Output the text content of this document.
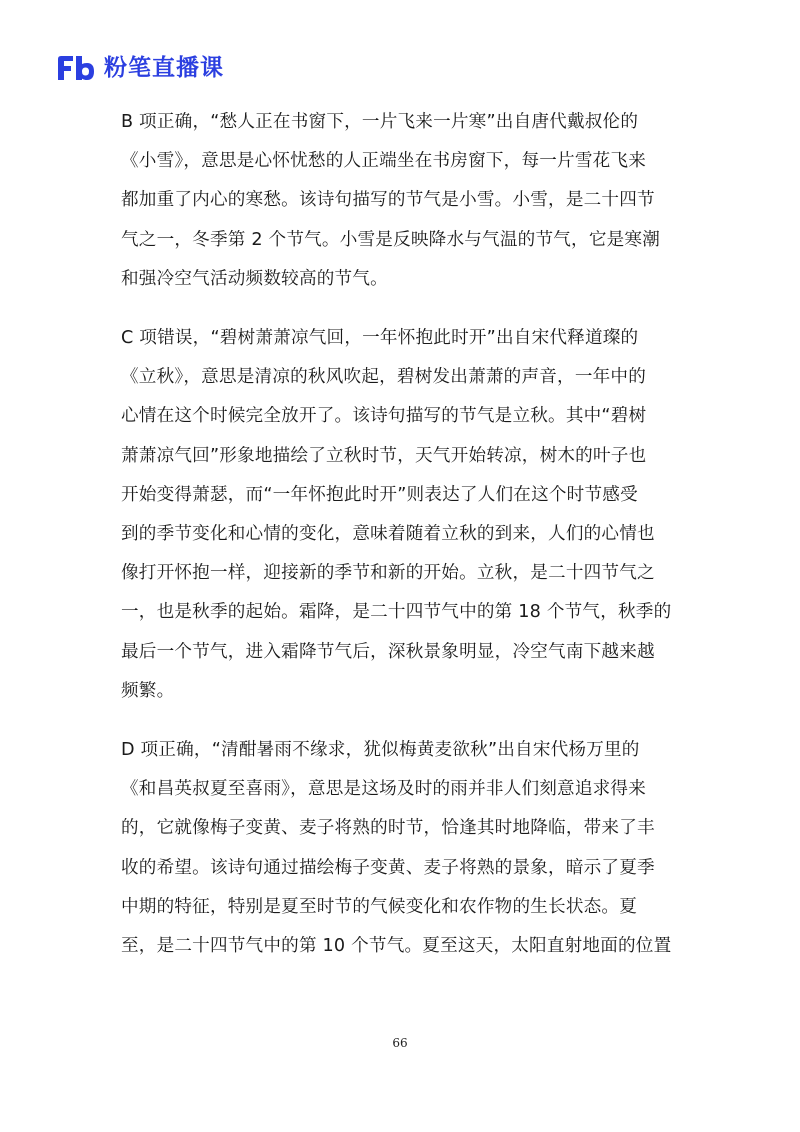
粉笔直播课

B 项正确，“愁人正在书窗下，一片飞来一片寒”出自唐代戴叔伦的
《小雪》，意思是心怀忧愁的人正端坐在书房窗下，每一片雪花飞来
都加重了内心的寒愁。该诗句描写的节气是小雪。小雪，是二十四节
气之一，冬季第 2 个节气。小雪是反映降水与气温的节气，它是寒潮
和强冷空气活动频数较高的节气。

C 项错误，“碧树萧萧凉气回，一年怀抱此时开”出自宋代释道璨的
《立秋》，意思是清凉的秋风吹起，碧树发出萧萧的声音，一年中的
心情在这个时候完全放开了。该诗句描写的节气是立秋。其中“碧树
萧萧凉气回”形象地描绘了立秋时节，天气开始转凉，树木的叶子也
开始变得萧瑟，而“一年怀抱此时开”则表达了人们在这个时节感受
到的季节变化和心情的变化，意味着随着立秋的到来，人们的心情也
像打开怀抱一样，迎接新的季节和新的开始。立秋，是二十四节气之
一，也是秋季的起始。霜降，是二十四节气中的第 18 个节气，秋季的
最后一个节气，进入霜降节气后，深秋景象明显，冷空气南下越来越
频繁。

D 项正确，“清酣暑雨不缘求，犹似梅黄麦欲秋”出自宋代杨万里的
《和昌英叔夏至喜雨》，意思是这场及时的雨并非人们刻意追求得来
的，它就像梅子变黄、麦子将熟的时节，恰逢其时地降临，带来了丰
收的希望。该诗句通过描绘梅子变黄、麦子将熟的景象，暗示了夏季
中期的特征，特别是夏至时节的气候变化和农作物的生长状态。夏
至，是二十四节气中的第 10 个节气。夏至这天，太阳直射地面的位置

66
